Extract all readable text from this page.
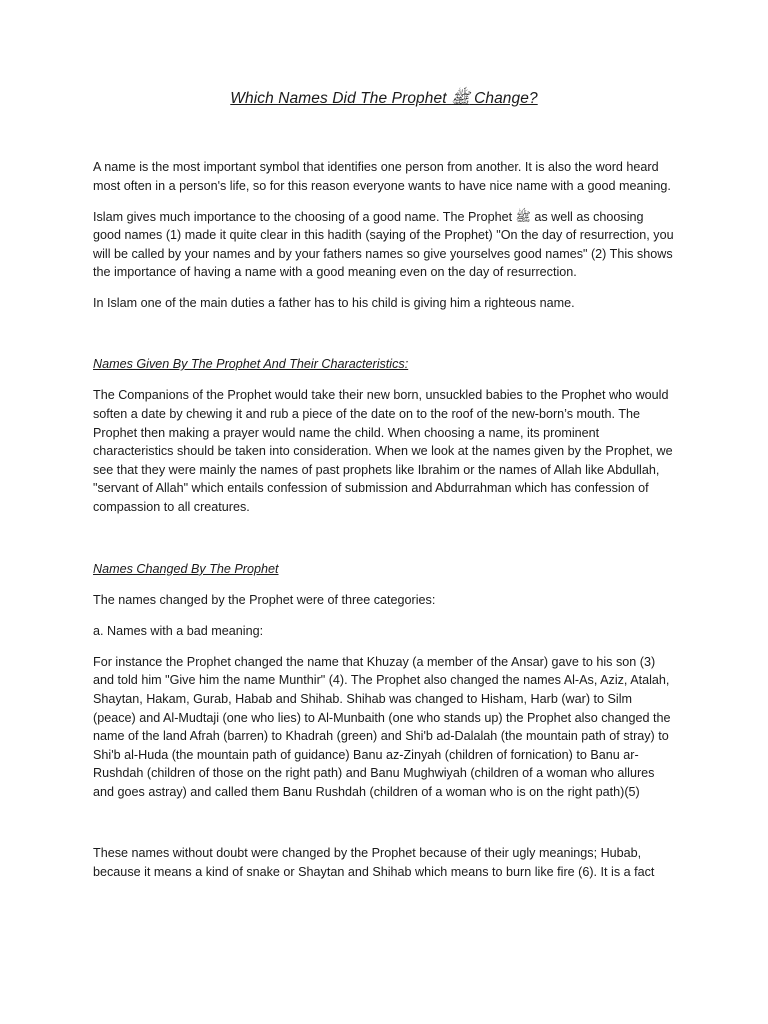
Which Names Did The Prophet ﷺ Change?

A name is the most important symbol that identifies one person from another. It is also the word heard most often in a person's life, so for this reason everyone wants to have nice name with a good meaning.

Islam gives much importance to the choosing of a good name. The Prophet ﷺ as well as choosing good names (1) made it quite clear in this hadith (saying of the Prophet) "On the day of resurrection, you will be called by your names and by your fathers names so give yourselves good names" (2) This shows the importance of having a name with a good meaning even on the day of resurrection.

In Islam one of the main duties a father has to his child is giving him a righteous name.

Names Given By The Prophet And Their Characteristics:

The Companions of the Prophet would take their new born, unsuckled babies to the Prophet who would soften a date by chewing it and rub a piece of the date on to the roof of the new-born’s mouth. The Prophet then making a prayer would name the child. When choosing a name, its prominent characteristics should be taken into consideration. When we look at the names given by the Prophet, we see that they were mainly the names of past prophets like Ibrahim or the names of Allah like Abdullah, "servant of Allah" which entails confession of submission and Abdurrahman which has confession of compassion to all creatures.

Names Changed By The Prophet

The names changed by the Prophet were of three categories:

a. Names with a bad meaning:

For instance the Prophet changed the name that Khuzay (a member of the Ansar) gave to his son (3) and told him "Give him the name Munthir" (4). The Prophet also changed the names Al-As, Aziz, Atalah, Shaytan, Hakam, Gurab, Habab and Shihab. Shihab was changed to Hisham, Harb (war) to Silm (peace) and Al-Mudtaji (one who lies) to Al-Munbaith (one who stands up) the Prophet also changed the name of the land Afrah (barren) to Khadrah (green) and Shi'b ad-Dalalah (the mountain path of stray) to Shi'b al-Huda (the mountain path of guidance) Banu az-Zinyah (children of fornication) to Banu ar-Rushdah (children of those on the right path) and Banu Mughwiyah (children of a woman who allures and goes astray) and called them Banu Rushdah (children of a woman who is on the right path)(5)

These names without doubt were changed by the Prophet because of their ugly meanings; Hubab, because it means a kind of snake or Shaytan and Shihab which means to burn like fire (6). It is a fact
